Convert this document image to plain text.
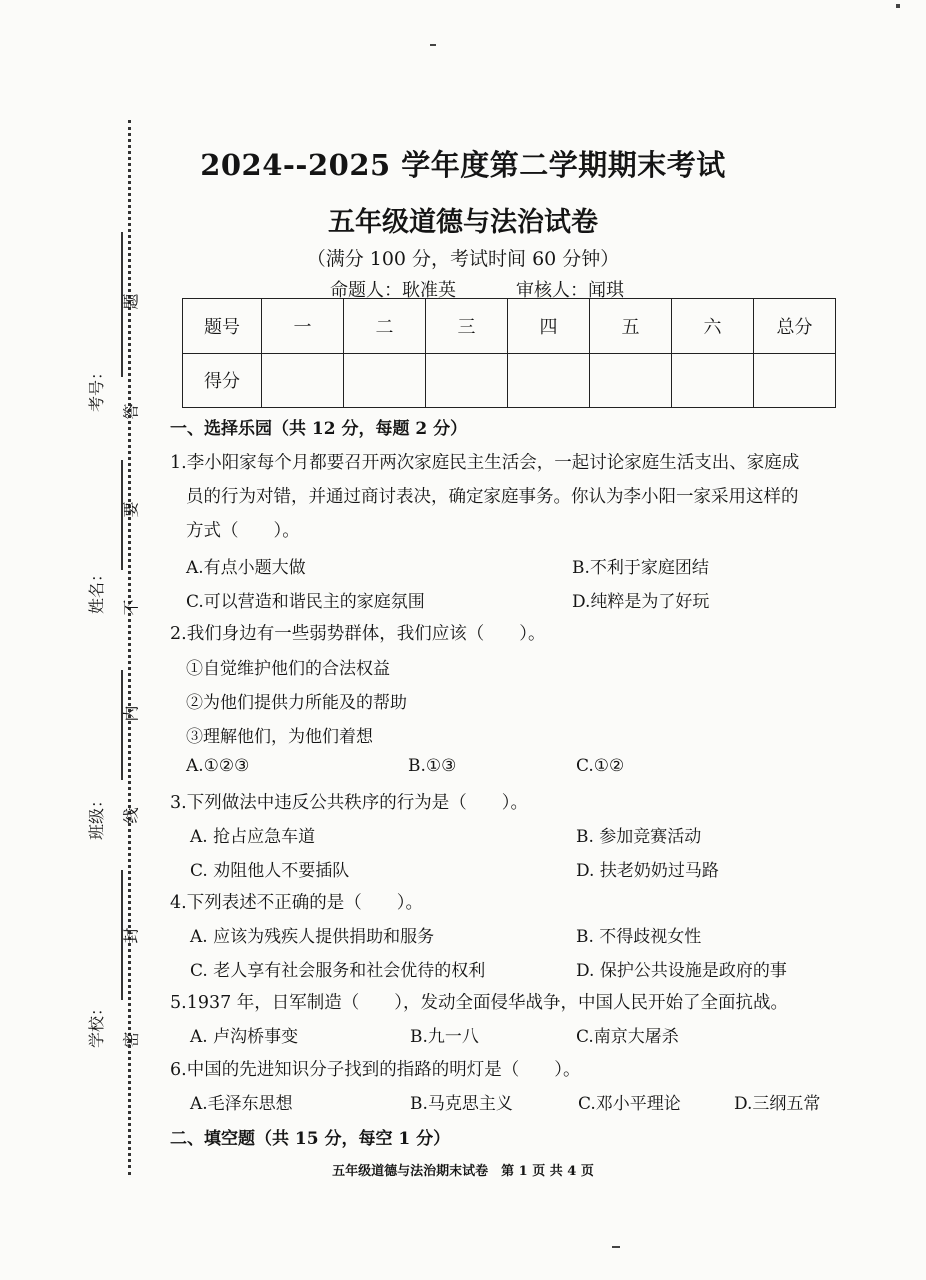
2024--2025 学年度第二学期期末考试
五年级道德与法治试卷
（满分 100 分，考试时间 60 分钟）
命题人：耿准英	审核人：闻琪
题号	一	二	三	四	五	六	总分
得分							
考号：
姓名：
班级：
学校：
题
答
要
不
内
线
封
密
一、选择乐园（共 12 分，每题 2 分）
1.李小阳家每个月都要召开两次家庭民主生活会，一起讨论家庭生活支出、家庭成
员的行为对错，并通过商讨表决，确定家庭事务。你认为李小阳一家采用这样的
方式（　　）。
A.有点小题大做	B.不利于家庭团结
C.可以营造和谐民主的家庭氛围	D.纯粹是为了好玩
2.我们身边有一些弱势群体，我们应该（　　）。
①自觉维护他们的合法权益
②为他们提供力所能及的帮助
③理解他们，为他们着想
A.①②③	B.①③	C.①②
3.下列做法中违反公共秩序的行为是（　　）。
A. 抢占应急车道	B. 参加竞赛活动
C. 劝阻他人不要插队	D. 扶老奶奶过马路
4.下列表述不正确的是（　　）。
A. 应该为残疾人提供捐助和服务	B. 不得歧视女性
C. 老人享有社会服务和社会优待的权利	D. 保护公共设施是政府的事
5.1937 年，日军制造（　　），发动全面侵华战争，中国人民开始了全面抗战。
A. 卢沟桥事变	B.九一八	C.南京大屠杀
6.中国的先进知识分子找到的指路的明灯是（　　）。
A.毛泽东思想	B.马克思主义	C.邓小平理论	D.三纲五常
二、填空题（共 15 分，每空 1 分）
五年级道德与法治期末试卷　第 1 页 共 4 页
